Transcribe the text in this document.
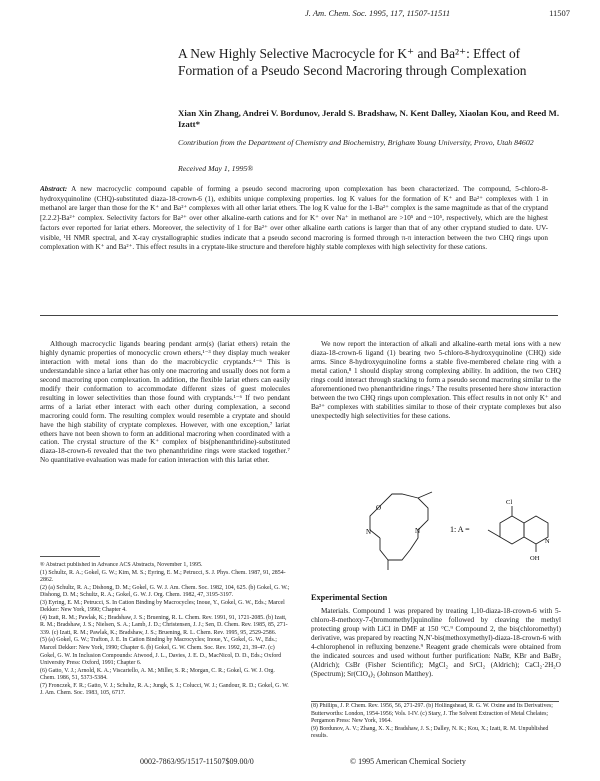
J. Am. Chem. Soc. 1995, 117, 11507-11511	11507
A New Highly Selective Macrocycle for K⁺ and Ba²⁺: Effect of Formation of a Pseudo Second Macroring through Complexation
Xian Xin Zhang, Andrei V. Bordunov, Jerald S. Bradshaw, N. Kent Dalley, Xiaolan Kou, and Reed M. Izatt*
Contribution from the Department of Chemistry and Biochemistry, Brigham Young University, Provo, Utah 84602
Received May 1, 1995®
Abstract: A new macrocyclic compound capable of forming a pseudo second macroring upon complexation has been characterized. The compound, 5-chloro-8-hydroxyquinoline (CHQ)-substituted diaza-18-crown-6 (1), exhibits unique complexing properties. log K values for the formation of K⁺ and Ba²⁺ complexes with 1 in methanol are larger than those for the K⁺ and Ba²⁺ complexes with all other lariat ethers. The log K value for the 1-Ba²⁺ complex is the same magnitude as that of the cryptand [2.2.2]-Ba²⁺ complex. Selectivity factors for Ba²⁺ over other alkaline-earth cations and for K⁺ over Na⁺ in methanol are >10⁵ and ~10⁵, respectively, which are the highest factors ever reported for lariat ethers. Moreover, the selectivity of 1 for Ba²⁺ over other alkaline earth cations is larger than that of any other cryptand studied to date. UV-visible, ¹H NMR spectral, and X-ray crystallographic studies indicate that a pseudo second macroring is formed through π-π interaction between the two CHQ rings upon complexation with K⁺ and Ba²⁺. This effect results in a cryptate-like structure and therefore highly stable complexes with high selectivity for these cations.

Although macrocyclic ligands bearing pendant arm(s) (lariat ethers) retain the highly dynamic properties of monocyclic crown ethers,¹⁻³ they display much weaker interaction with metal ions than do the macrobicyclic cryptands.⁴⁻⁶ This is understandable since a lariat ether has only one macroring and usually does not form a second macroring upon complexation. In addition, the flexible lariat ethers can easily modify their conformation to accommodate different sizes of guest molecules resulting in lower selectivities than those found with cryptands.¹⁻⁶ If two pendant arms of a lariat ether interact with each other during complexation, a second macroring could form. The resulting complex would resemble a cryptate and should have the high stability of cryptate complexes. However, with one exception,⁷ lariat ethers have not been shown to form an additional macroring when coordinated with a cation. The crystal structure of the K⁺ complex of bis(phenanthridine)-substituted diaza-18-crown-6 revealed that the two phenanthridine rings were stacked together.⁷ No quantitative evaluation was made for cation interaction with this lariat ether.

® Abstract published in Advance ACS Abstracts, November 1, 1995.
(1) Schultz, R. A.; Gokel, G. W.; Kim, M. S.; Eyring, E. M.; Petrucci, S. J. Phys. Chem. 1987, 91, 2854-2862.
(2) (a) Schultz, R. A.; Dishong, D. M.; Gokel, G. W. J. Am. Chem. Soc. 1982, 104, 625. (b) Gokel, G. W.; Dishong, D. M.; Schultz, R. A.; Gokel, G. W. J. Org. Chem. 1982, 47, 3195-3197.
(3) Eyring, E. M.; Petrucci, S. In Cation Binding by Macrocycles; Inoue, Y., Gokel, G. W., Eds.; Marcel Dekker: New York, 1990; Chapter 4.
(4) Izatt, R. M.; Pawlak, K.; Bradshaw, J. S.; Bruening, R. L. Chem. Rev. 1991, 91, 1721-2085. (b) Izatt, R. M.; Bradshaw, J. S.; Nielsen, S. A.; Lamb, J. D.; Christensen, J. J.; Sen, D. Chem. Rev. 1985, 85, 271-339. (c) Izatt, R. M.; Pawlak, K.; Bradshaw, J. S.; Bruening, R. L. Chem. Rev. 1995, 95, 2529-2586.
(5) (a) Gokel, G. W.; Trafton, J. E. In Cation Binding by Macrocycles; Inoue, Y., Gokel, G. W., Eds.; Marcel Dekker: New York, 1990; Chapter 6. (b) Gokel, G. W. Chem. Soc. Rev. 1992, 21, 39-47. (c) Gokel, G. W. In Inclusion Compounds: Atwood, J. L., Davies, J. E. D., MacNicol, D. D., Eds.; Oxford University Press: Oxford, 1991; Chapter 6.
(6) Gatto, V. J.; Arnold, K. A.; Viscariello, A. M.; Miller, S. R.; Morgan, C. R.; Gokel, G. W. J. Org. Chem. 1986, 51, 5373-5384.
(7) Fronczek, F. R.; Gatto, V. J.; Schultz, R. A.; Jungk, S. J.; Colucci, W. J.; Gandour, R. D.; Gokel, G. W. J. Am. Chem. Soc. 1983, 105, 6717.

We now report the interaction of alkali and alkaline-earth metal ions with a new diaza-18-crown-6 ligand (1) bearing two 5-chloro-8-hydroxyquinoline (CHQ) side arms. Since 8-hydroxyquinoline forms a stable five-membered chelate ring with a metal cation,⁸ 1 should display strong complexing ability. In addition, the two CHQ rings could interact through stacking to form a pseudo second macroring similar to the aforementioned two phenanthridine rings.⁷ The results presented here show interaction between the two CHQ rings upon complexation. This effect results in not only K⁺ and Ba²⁺ complexes with stabilities similar to those of their cryptate complexes but also unexpectedly high selectivities for these cations.

O
N	N	1: A =
Cl
OH
N
Experimental Section

Materials. Compound 1 was prepared by treating 1,10-diaza-18-crown-6 with 5-chloro-8-methoxy-7-(bromomethyl)quinoline followed by cleaving the methyl protecting group with LiCl in DMF at 150 °C.⁹ Compound 2, the bis(chloromethyl) derivative, was prepared by reacting N,N'-bis(methoxymethyl)-diaza-18-crown-6 with 4-chlorophenol in refluxing benzene.⁹ Reagent grade chemicals were obtained from the indicated sources and used without further purification: NaBr, KBr and BaBr₂ (Aldrich); CsBr (Fisher Scientific); MgCl₂ and SrCl₂ (Aldrich); CaCl₂·2H₂O (Spectrum); Sr(ClO₄)₂ (Johnson Matthey).

(8) Phillips, J. P. Chem. Rev. 1956, 56, 271-297. (b) Hollingshead, R. G. W. Oxine and Its Derivatives; Butterworths: London, 1954-1956; Vols. I-IV. (c) Stary, J. The Solvent Extraction of Metal Chelates; Pergamon Press: New York, 1964.
(9) Bordunov, A. V.; Zhang, X. X.; Bradshaw, J. S.; Dalley, N. K.; Kou, X.; Izatt, R. M. Unpublished results.
0002-7863/95/1517-11507$09.00/0	© 1995 American Chemical Society
